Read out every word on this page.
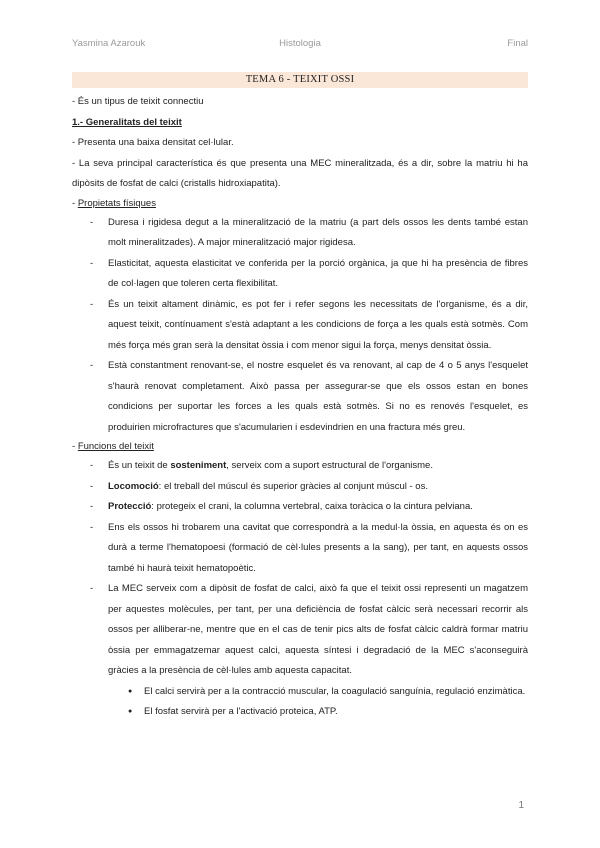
Yasmina Azarouk	Histologia	Final
TEMA 6 - TEIXIT OSSI

- És un tipus de teixit connectiu

1.- Generalitats del teixit

- Presenta una baixa densitat cel·lular.

- La seva principal característica és que presenta una MEC mineralitzada, és a dir, sobre la matriu hi ha dipòsits de fosfat de calci (cristalls hidroxiapatita).

- Propietats físiques

- Duresa i rigidesa degut a la mineralització de la matriu (a part dels ossos les dents també estan molt mineralitzades). A major mineralització major rigidesa.
- Elasticitat, aquesta elasticitat ve conferida per la porció orgànica, ja que hi ha presència de fibres de col·lagen que toleren certa flexibilitat.
- És un teixit altament dinàmic, es pot fer i refer segons les necessitats de l'organisme, és a dir, aquest teixit, contínuament s'està adaptant a les condicions de força a les quals està sotmès. Com més força més gran serà la densitat òssia i com menor sigui la força, menys densitat òssia.
- Està constantment renovant-se, el nostre esquelet és va renovant, al cap de 4 o 5 anys l'esquelet s'haurà renovat completament. Això passa per assegurar-se que els ossos estan en bones condicions per suportar les forces a les quals està sotmès. Si no es renovés l'esquelet, es produirien microfractures que s'acumularien i esdevindrien en una fractura més greu.

- Funcions del teixit

- És un teixit de sosteniment, serveix com a suport estructural de l'organisme.
- Locomoció: el treball del múscul és superior gràcies al conjunt múscul - os.
- Protecció: protegeix el crani, la columna vertebral, caixa toràcica o la cintura pelviana.
- Ens els ossos hi trobarem una cavitat que correspondrà a la medul·la òssia, en aquesta és on es durà a terme l'hematopoesi (formació de cèl·lules presents a la sang), per tant, en aquests ossos també hi haurà teixit hematopoètic.
- La MEC serveix com a dipòsit de fosfat de calci, això fa que el teixit ossi representi un magatzem per aquestes molècules, per tant, per una deficiència de fosfat càlcic serà necessari recorrir als ossos per alliberar-ne, mentre que en el cas de tenir pics alts de fosfat càlcic caldrà formar matriu òssia per emmagatzemar aquest calci, aquesta síntesi i degradació de la MEC s'aconseguirà gràcies a la presència de cèl·lules amb aquesta capacitat.
● El calci servirà per a la contracció muscular, la coagulació sanguínia, regulació enzimàtica.
● El fosfat servirà per a l'activació proteica, ATP.
1
